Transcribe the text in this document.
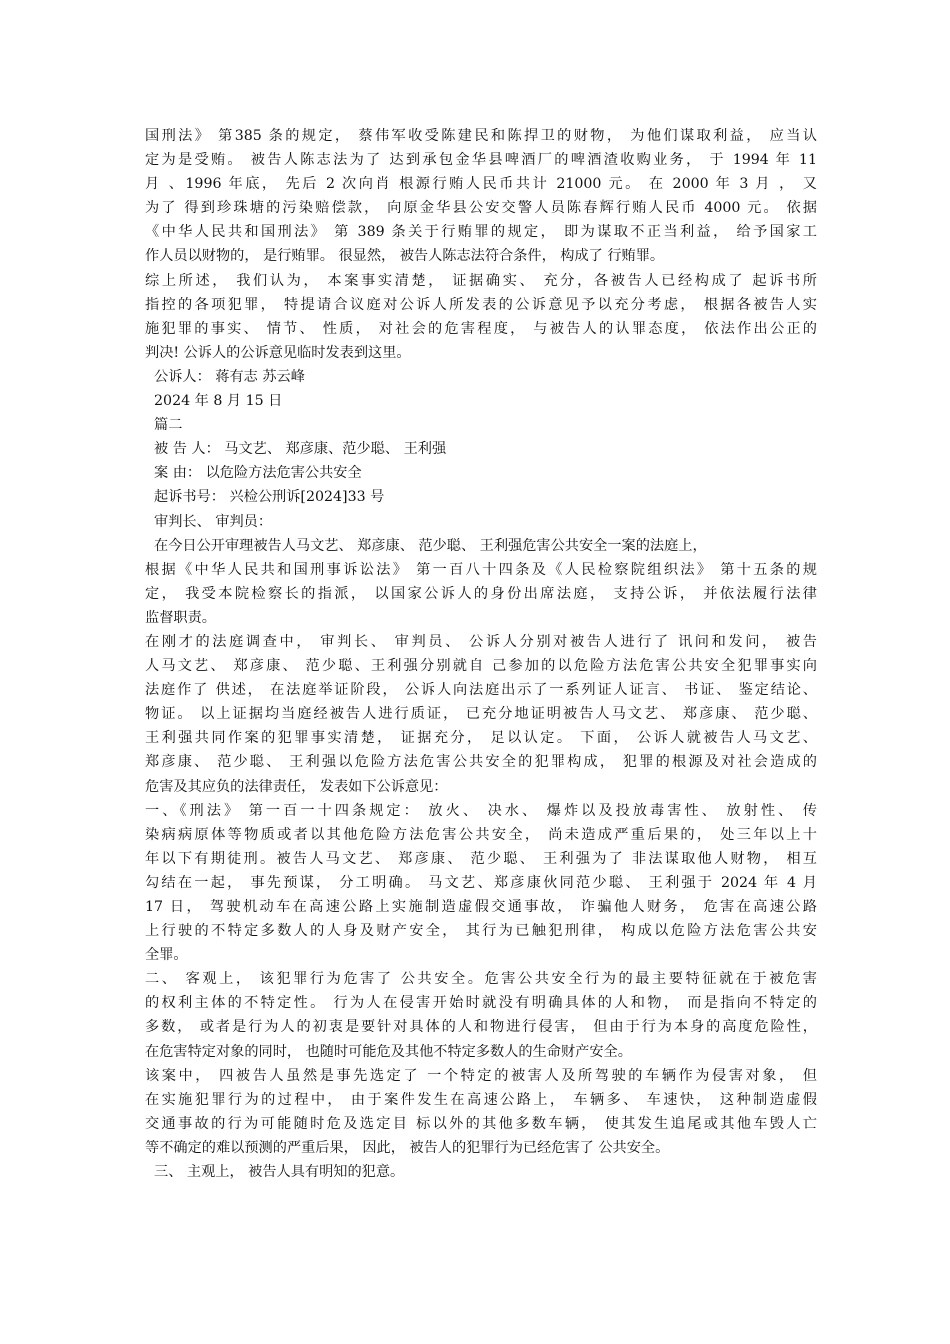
国刑法》 第385 条的规定， 蔡伟军收受陈建民和陈捍卫的财物， 为他们谋取利益， 应当认
定为是受贿。 被告人陈志法为了 达到承包金华县啤酒厂的啤酒渣收购业务， 于 1994 年 11
月 、1996 年底， 先后 2 次向肖 根源行贿人民币共计 21000 元。 在 2000 年 3 月 ， 又
为了 得到珍珠塘的污染赔偿款， 向原金华县公安交警人员陈春辉行贿人民币 4000 元。 依据
《中华人民共和国刑法》 第 389 条关于行贿罪的规定， 即为谋取不正当利益， 给予国家工
作人员以财物的， 是行贿罪。 很显然， 被告人陈志法符合条件， 构成了 行贿罪。
综上所述， 我们认为， 本案事实清楚， 证据确实、 充分，各被告人已经构成了 起诉书所
指控的各项犯罪， 特提请合议庭对公诉人所发表的公诉意见予以充分考虑， 根据各被告人实
施犯罪的事实、 情节、 性质， 对社会的危害程度， 与被告人的认罪态度， 依法作出公正的
判决! 公诉人的公诉意见临时发表到这里。
公诉人： 蒋有志 苏云峰
2024 年 8 月 15 日
篇二
被 告 人： 马文艺、 郑彦康、范少聪、 王利强
案 由： 以危险方法危害公共安全
起诉书号： 兴检公刑诉[2024]33 号
审判长、 审判员：
在今日公开审理被告人马文艺、 郑彦康、 范少聪、 王利强危害公共安全一案的法庭上，
根据《中华人民共和国刑事诉讼法》 第一百八十四条及《人民检察院组织法》 第十五条的规
定， 我受本院检察长的指派， 以国家公诉人的身份出席法庭， 支持公诉， 并依法履行法律
监督职责。
在刚才的法庭调查中， 审判长、 审判员、 公诉人分别对被告人进行了 讯问和发问， 被告
人马文艺、 郑彦康、 范少聪、王利强分别就自 己参加的以危险方法危害公共安全犯罪事实向
法庭作了 供述， 在法庭举证阶段， 公诉人向法庭出示了一系列证人证言、 书证、 鉴定结论、
物证。 以上证据均当庭经被告人进行质证， 已充分地证明被告人马文艺、 郑彦康、 范少聪、
王利强共同作案的犯罪事实清楚， 证据充分， 足以认定。 下面， 公诉人就被告人马文艺、
郑彦康、 范少聪、 王利强以危险方法危害公共安全的犯罪构成， 犯罪的根源及对社会造成的
危害及其应负的法律责任， 发表如下公诉意见：
一、《刑法》 第一百一十四条规定： 放火、 决水、 爆炸以及投放毒害性、 放射性、 传
染病病原体等物质或者以其他危险方法危害公共安全， 尚未造成严重后果的， 处三年以上十
年以下有期徒刑。被告人马文艺、 郑彦康、 范少聪、 王利强为了 非法谋取他人财物， 相互
勾结在一起， 事先预谋， 分工明确。 马文艺、郑彦康伙同范少聪、 王利强于 2024 年 4 月
17 日， 驾驶机动车在高速公路上实施制造虚假交通事故， 诈骗他人财务， 危害在高速公路
上行驶的不特定多数人的人身及财产安全， 其行为已触犯刑律， 构成以危险方法危害公共安
全罪。
二、 客观上， 该犯罪行为危害了 公共安全。危害公共安全行为的最主要特征就在于被危害
的权利主体的不特定性。 行为人在侵害开始时就没有明确具体的人和物， 而是指向不特定的
多数， 或者是行为人的初衷是要针对具体的人和物进行侵害， 但由于行为本身的高度危险性，
在危害特定对象的同时， 也随时可能危及其他不特定多数人的生命财产安全。
该案中， 四被告人虽然是事先选定了 一个特定的被害人及所驾驶的车辆作为侵害对象， 但
在实施犯罪行为的过程中， 由于案件发生在高速公路上， 车辆多、 车速快， 这种制造虚假
交通事故的行为可能随时危及选定目 标以外的其他多数车辆， 使其发生追尾或其他车毁人亡
等不确定的难以预测的严重后果， 因此， 被告人的犯罪行为已经危害了 公共安全。
三、 主观上， 被告人具有明知的犯意。
